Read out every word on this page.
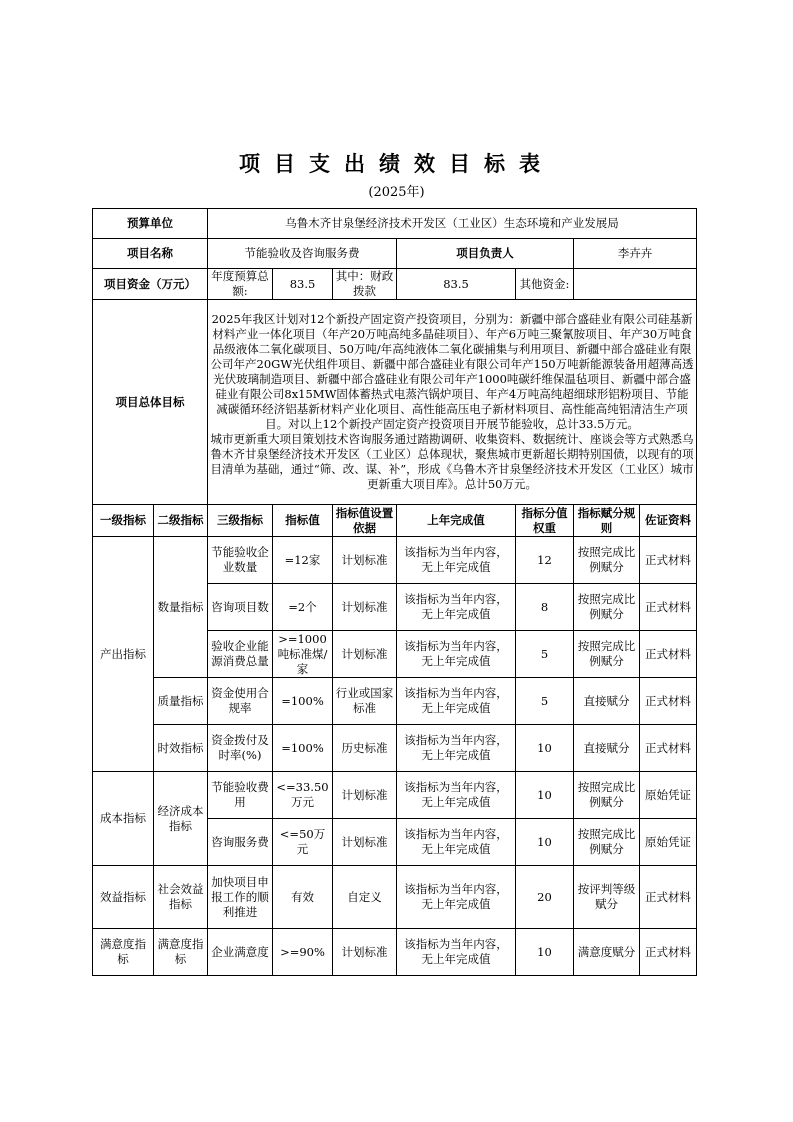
项目支出绩效目标表
(2025年)
预算单位		乌鲁木齐甘泉堡经济技术开发区（工业区）生态环境和产业发展局						
项目名称		节能验收及咨询服务费			项目负责人		李卉卉	
项目资金（万元）		年度预算总额:	83.5	其中：财政拨款	83.5	其他资金:		
项目总体目标		2025年我区计划对12个新投产固定资产投资项目，分别为：新疆中部合盛硅业有限公司硅基新材料产业一体化项目（年产20万吨高纯多晶硅项目）、年产6万吨三聚氰胺项目、年产30万吨食品级液体二氧化碳项目、50万吨/年高纯液体二氧化碳捕集与利用项目、新疆中部合盛硅业有限公司年产20GW光伏组件项目、新疆中部合盛硅业有限公司年产150万吨新能源装备用超薄高透光伏玻璃制造项目、新疆中部合盛硅业有限公司年产1000吨碳纤维保温毡项目、新疆中部合盛硅业有限公司8x15MW固体蓄热式电蒸汽锅炉项目、年产4万吨高纯超细球形铝粉项目、节能减碳循环经济铝基新材料产业化项目、高性能高压电子新材料项目、高性能高纯铝清洁生产项目。对以上12个新投产固定资产投资项目开展节能验收，总计33.5万元。

城市更新重大项目策划技术咨询服务通过踏勘调研、收集资料、数据统计、座谈会等方式熟悉乌鲁木齐甘泉堡经济技术开发区（工业区）总体现状，聚焦城市更新超长期特别国债，以现有的项目清单为基础，通过“筛、改、谋、补”，形成《乌鲁木齐甘泉堡经济技术开发区（工业区）城市更新重大项目库》。总计50万元。						

一级指标	二级指标	三级指标	指标值	指标值设置依据	上年完成值	指标分值权重	指标赋分规则	佐证资料
产出指标	数量指标	节能验收企业数量	=12家	计划标准	该指标为当年内容，无上年完成值	12	按照完成比例赋分	正式材料
		咨询项目数	=2个	计划标准	该指标为当年内容，无上年完成值	8	按照完成比例赋分	正式材料
		验收企业能源消费总量	>=1000吨标准煤/家	计划标准	该指标为当年内容，无上年完成值	5	按照完成比例赋分	正式材料
	质量指标	资金使用合规率	=100%	行业或国家标准	该指标为当年内容，无上年完成值	5	直接赋分	正式材料
	时效指标	资金拨付及时率(%)	=100%	历史标准	该指标为当年内容，无上年完成值	10	直接赋分	正式材料
成本指标	经济成本指标	节能验收费用	<=33.50万元	计划标准	该指标为当年内容，无上年完成值	10	按照完成比例赋分	原始凭证
		咨询服务费	<=50万元	计划标准	该指标为当年内容，无上年完成值	10	按照完成比例赋分	原始凭证
效益指标	社会效益指标	加快项目申报工作的顺利推进	有效	自定义	该指标为当年内容，无上年完成值	20	按评判等级赋分	正式材料
满意度指标	满意度指标	企业满意度	>=90%	计划标准	该指标为当年内容，无上年完成值	10	满意度赋分	正式材料
